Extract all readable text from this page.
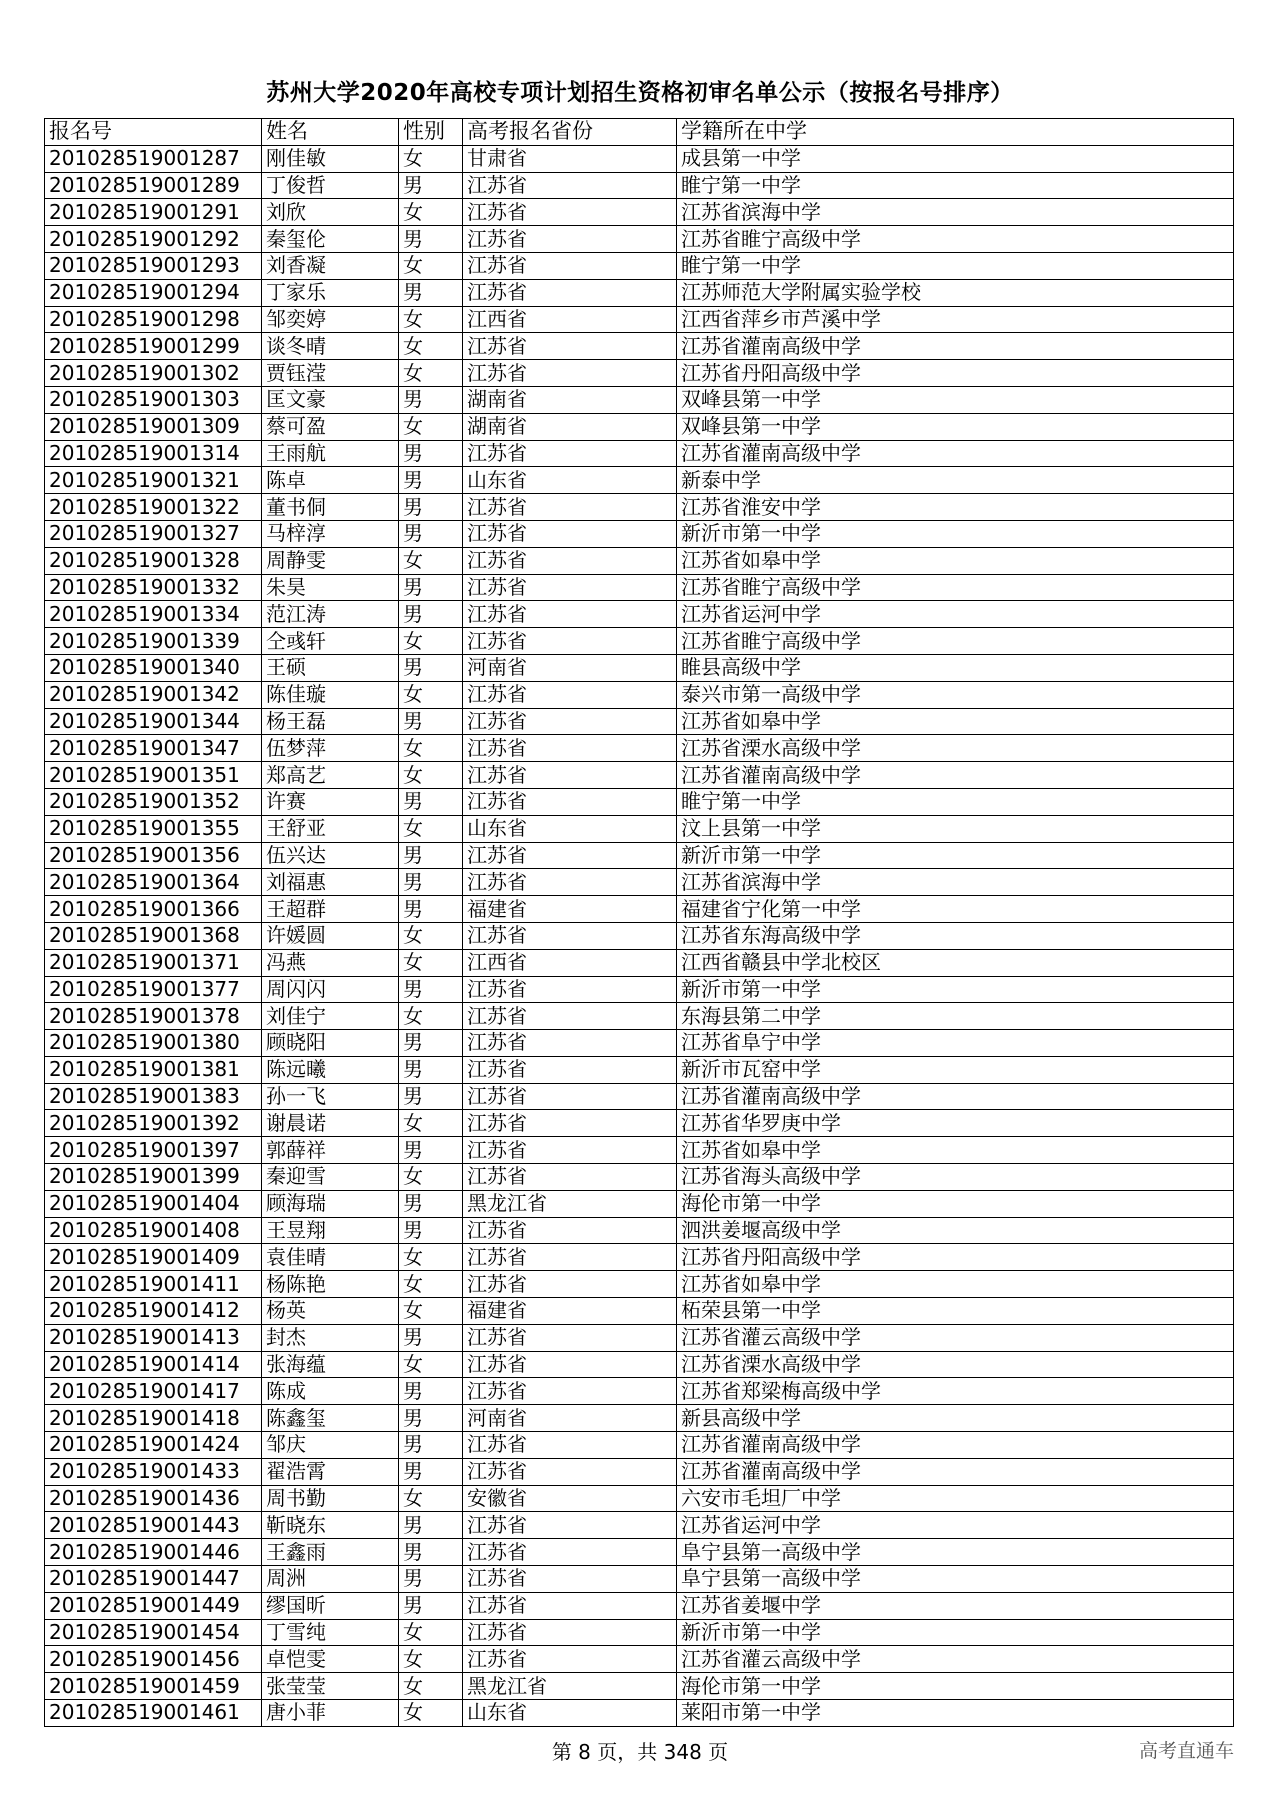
苏州大学2020年高校专项计划招生资格初审名单公示（按报名号排序）
报名号	姓名	性别	高考报名省份	学籍所在中学
201028519001287	刚佳敏	女	甘肃省	成县第一中学
201028519001289	丁俊哲	男	江苏省	睢宁第一中学
201028519001291	刘欣	女	江苏省	江苏省滨海中学
201028519001292	秦玺伦	男	江苏省	江苏省睢宁高级中学
201028519001293	刘香凝	女	江苏省	睢宁第一中学
201028519001294	丁家乐	男	江苏省	江苏师范大学附属实验学校
201028519001298	邹奕婷	女	江西省	江西省萍乡市芦溪中学
201028519001299	谈冬晴	女	江苏省	江苏省灌南高级中学
201028519001302	贾钰滢	女	江苏省	江苏省丹阳高级中学
201028519001303	匡文豪	男	湖南省	双峰县第一中学
201028519001309	蔡可盈	女	湖南省	双峰县第一中学
201028519001314	王雨航	男	江苏省	江苏省灌南高级中学
201028519001321	陈卓	男	山东省	新泰中学
201028519001322	董书侗	男	江苏省	江苏省淮安中学
201028519001327	马梓淳	男	江苏省	新沂市第一中学
201028519001328	周静雯	女	江苏省	江苏省如皋中学
201028519001332	朱昊	男	江苏省	江苏省睢宁高级中学
201028519001334	范江涛	男	江苏省	江苏省运河中学
201028519001339	仝彧轩	女	江苏省	江苏省睢宁高级中学
201028519001340	王硕	男	河南省	睢县高级中学
201028519001342	陈佳璇	女	江苏省	泰兴市第一高级中学
201028519001344	杨王磊	男	江苏省	江苏省如皋中学
201028519001347	伍梦萍	女	江苏省	江苏省溧水高级中学
201028519001351	郑高艺	女	江苏省	江苏省灌南高级中学
201028519001352	许赛	男	江苏省	睢宁第一中学
201028519001355	王舒亚	女	山东省	汶上县第一中学
201028519001356	伍兴达	男	江苏省	新沂市第一中学
201028519001364	刘福惠	男	江苏省	江苏省滨海中学
201028519001366	王超群	男	福建省	福建省宁化第一中学
201028519001368	许媛圆	女	江苏省	江苏省东海高级中学
201028519001371	冯燕	女	江西省	江西省赣县中学北校区
201028519001377	周闪闪	男	江苏省	新沂市第一中学
201028519001378	刘佳宁	女	江苏省	东海县第二中学
201028519001380	顾晓阳	男	江苏省	江苏省阜宁中学
201028519001381	陈远曦	男	江苏省	新沂市瓦窑中学
201028519001383	孙一飞	男	江苏省	江苏省灌南高级中学
201028519001392	谢晨诺	女	江苏省	江苏省华罗庚中学
201028519001397	郭薛祥	男	江苏省	江苏省如皋中学
201028519001399	秦迎雪	女	江苏省	江苏省海头高级中学
201028519001404	顾海瑞	男	黑龙江省	海伦市第一中学
201028519001408	王昱翔	男	江苏省	泗洪姜堰高级中学
201028519001409	袁佳晴	女	江苏省	江苏省丹阳高级中学
201028519001411	杨陈艳	女	江苏省	江苏省如皋中学
201028519001412	杨英	女	福建省	柘荣县第一中学
201028519001413	封杰	男	江苏省	江苏省灌云高级中学
201028519001414	张海蕴	女	江苏省	江苏省溧水高级中学
201028519001417	陈成	男	江苏省	江苏省郑梁梅高级中学
201028519001418	陈鑫玺	男	河南省	新县高级中学
201028519001424	邹庆	男	江苏省	江苏省灌南高级中学
201028519001433	翟浩霄	男	江苏省	江苏省灌南高级中学
201028519001436	周书勤	女	安徽省	六安市毛坦厂中学
201028519001443	靳晓东	男	江苏省	江苏省运河中学
201028519001446	王鑫雨	男	江苏省	阜宁县第一高级中学
201028519001447	周洲	男	江苏省	阜宁县第一高级中学
201028519001449	缪国昕	男	江苏省	江苏省姜堰中学
201028519001454	丁雪纯	女	江苏省	新沂市第一中学
201028519001456	卓恺雯	女	江苏省	江苏省灌云高级中学
201028519001459	张莹莹	女	黑龙江省	海伦市第一中学
201028519001461	唐小菲	女	山东省	莱阳市第一中学
第 8 页，共 348 页	高考直通车
